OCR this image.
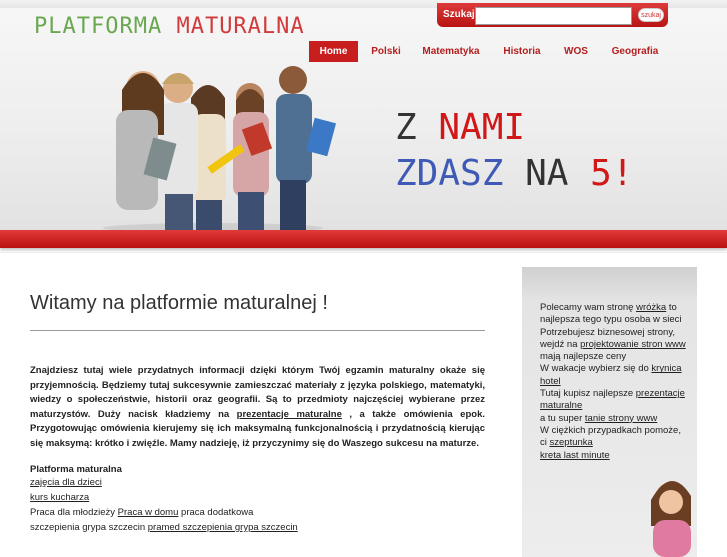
PLATFORMA MATURALNA	Szukaj	szukaj
Home	Polski	Matematyka	Historia	WOS	Geografia
Z NAMI
ZDASZ NA 5!
Witamy na platformie maturalnej !
Znajdziesz tutaj wiele przydatnych informacji dzięki którym Twój egzamin maturalny okaże się przyjemnością. Będziemy tutaj sukcesywnie zamieszczać materiały z języka polskiego, matematyki, wiedzy o społeczeństwie, historii oraz geografii. Są to przedmioty najczęściej wybierane przez maturzystów. Duży nacisk kładziemy na prezentacje maturalne , a także omówienia epok. Przygotowując omówienia kierujemy się ich maksymalną funkcjonalnością i przydatnością kierując się maksymą: krótko i zwięźle. Mamy nadzieję, iż przyczynimy się do Waszego sukcesu na maturze.
Platforma maturalna
zajęcia dla dzieci
kurs kucharza
Praca dla młodzieży Praca w domu praca dodatkowa
szczepienia grypa szczecin pramed szczepienia grypa szczecin
Polecamy wam stronę wróżka to najlepsza tego typu osoba w sieci
Potrzebujesz biznesowej strony, wejdź na projektowanie stron www
mają najlepsze ceny
W wakacje wybierz się do krynica hotel
Tutaj kupisz najlepsze prezentacje maturalne
a tu super tanie strony www
W ciężkich przypadkach pomoże, ci szeptunka
kreta last minute
